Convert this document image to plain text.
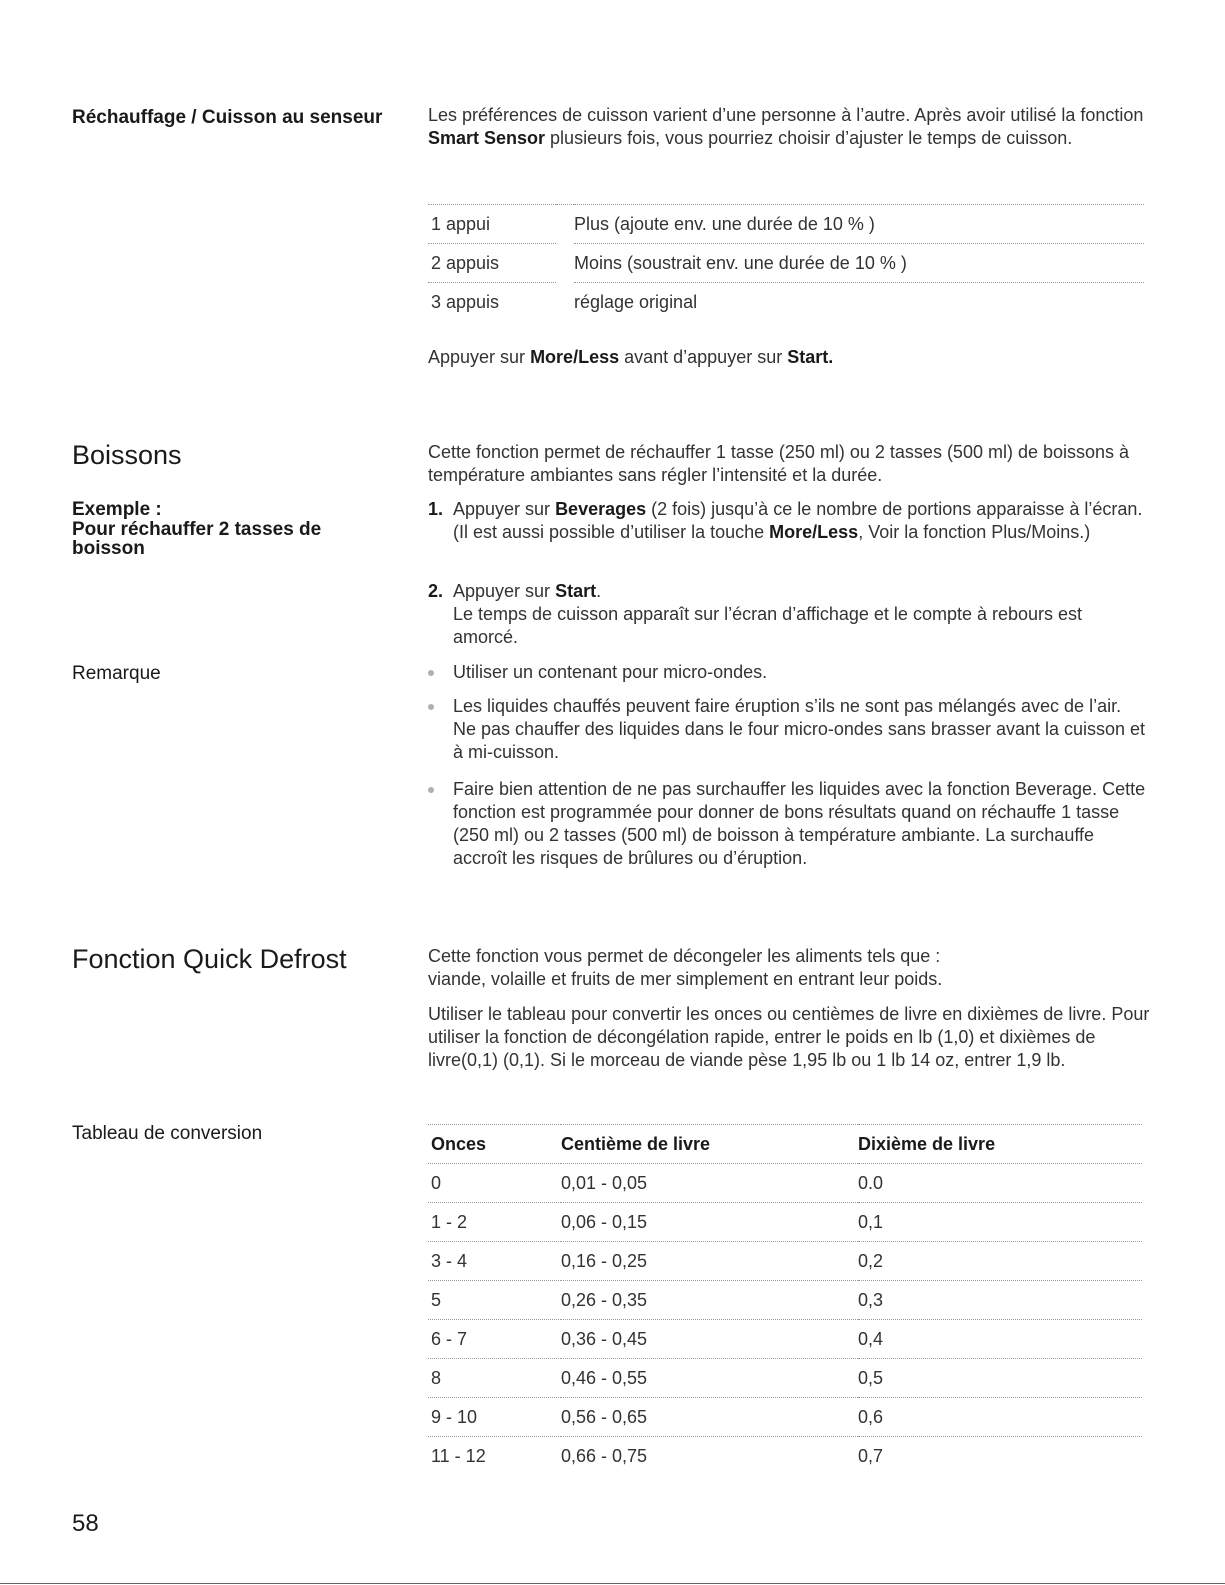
Réchauffage / Cuisson au senseur	Les préférences de cuisson varient d’une personne à l’autre. Après avoir utilisé la fonction Smart Sensor plusieurs fois, vous pourriez choisir d’ajuster le temps de cuisson.
1 appui		Plus (ajoute env. une durée de 10 % )
2 appuis		Moins (soustrait env. une durée de 10 % )
3 appuis		réglage original
Appuyer sur More/Less avant d’appuyer sur Start.
Boissons
Exemple :
Pour réchauffer 2 tasses de boisson
Remarque
Cette fonction permet de réchauffer 1 tasse (250 ml) ou 2 tasses (500 ml) de boissons à température ambiantes sans régler l’intensité et la durée.
1. Appuyer sur Beverages (2 fois) jusqu’à ce le nombre de portions apparaisse à l’écran.
(Il est aussi possible d’utiliser la touche More/Less, Voir la fonction Plus/Moins.)
2. Appuyer sur Start.
Le temps de cuisson apparaît sur l’écran d’affichage et le compte à rebours est amorcé.
Utiliser un contenant pour micro-ondes.
Les liquides chauffés peuvent faire éruption s’ils ne sont pas mélangés avec de l’air. Ne pas chauffer des liquides dans le four micro-ondes sans brasser avant la cuisson et à mi-cuisson.
Faire bien attention de ne pas surchauffer les liquides avec la fonction Beverage. Cette fonction est programmée pour donner de bons résultats quand on réchauffe 1 tasse (250 ml) ou 2 tasses (500 ml) de boisson à température ambiante. La surchauffe accroît les risques de brûlures ou d’éruption.
Fonction Quick Defrost	Cette fonction vous permet de décongeler les aliments tels que :
viande, volaille et fruits de mer simplement en entrant leur poids.
Utiliser le tableau pour convertir les onces ou centièmes de livre en dixièmes de livre. Pour utiliser la fonction de décongélation rapide, entrer le poids en lb (1,0) et dixièmes de livre(0,1) (0,1). Si le morceau de viande pèse 1,95 lb ou 1 lb 14 oz, entrer 1,9 lb.
Tableau de conversion	Onces	Centième de livre	Dixième de livre
0	0,01 - 0,05	0.0
1 - 2	0,06 - 0,15	0,1
3 - 4	0,16 - 0,25	0,2
5	0,26 - 0,35	0,3
6 - 7	0,36 - 0,45	0,4
8	0,46 - 0,55	0,5
9 - 10	0,56 - 0,65	0,6
11 - 12	0,66 - 0,75	0,7
58
